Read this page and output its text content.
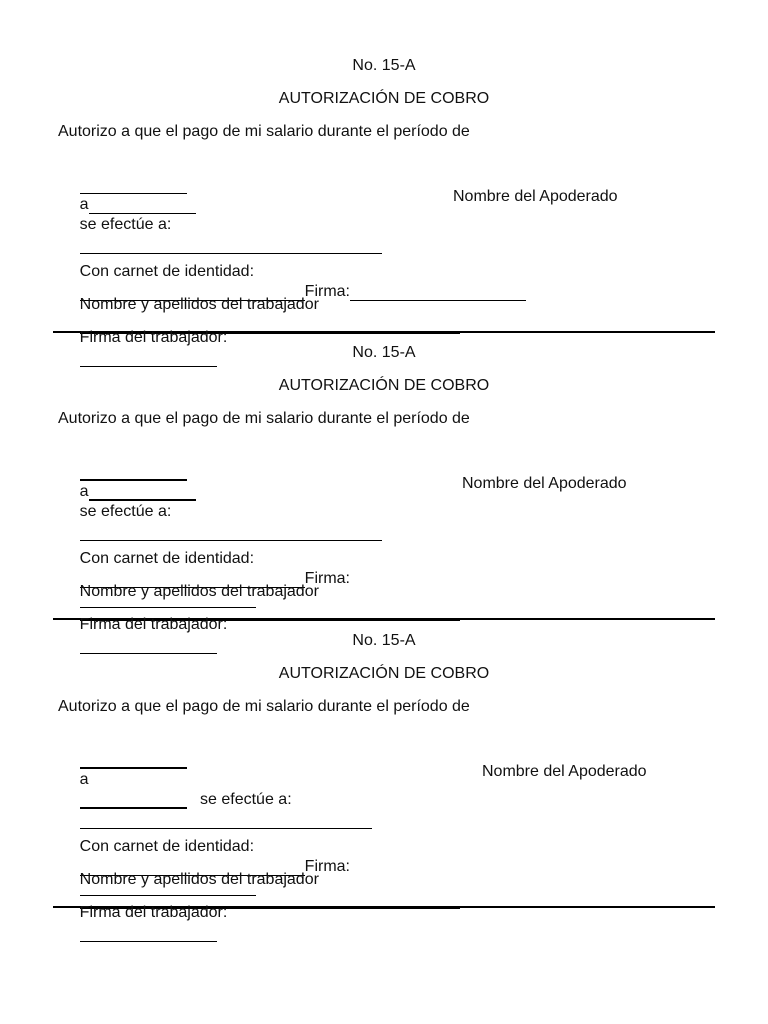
No. 15-A
AUTORIZACIÓN DE COBRO
Autorizo a que el pago de mi salario durante el período de

a
se efectúe a:

Nombre del Apoderado

Con carnet de identidad:
Firma:

Nombre y apellidos del trabajador

Firma del trabajador:

No. 15-A
AUTORIZACIÓN DE COBRO
Autorizo a que el pago de mi salario durante el período de

a
se efectúe a:

Nombre del Apoderado

Con carnet de identidad:
Firma:

Nombre y apellidos del trabajador

Firma del trabajador:

No. 15-A
AUTORIZACIÓN DE COBRO
Autorizo a que el pago de mi salario durante el período de

a
se efectúe a:

Nombre del Apoderado

Con carnet de identidad:
Firma:

Nombre y apellidos del trabajador

Firma del trabajador:
